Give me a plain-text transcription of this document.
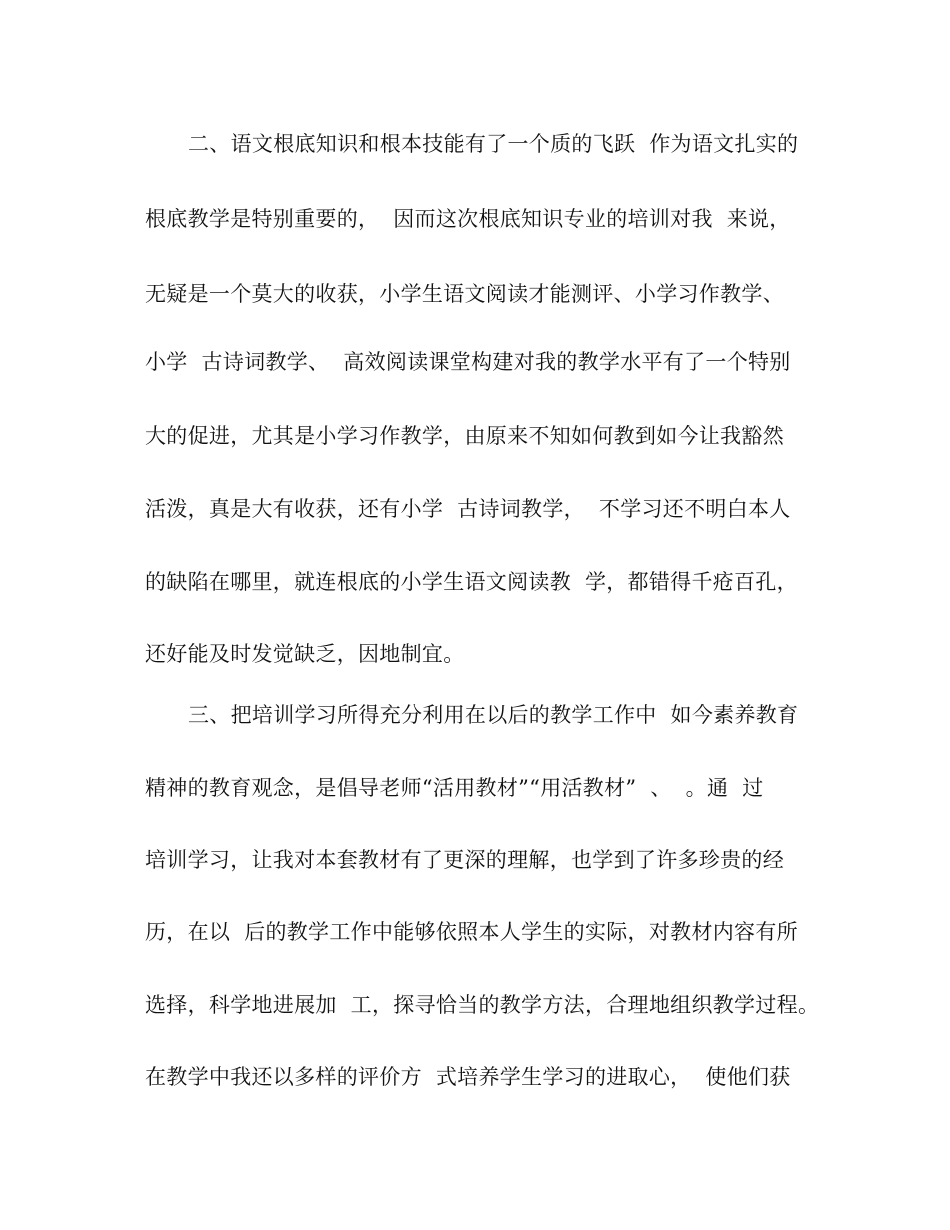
二、语文根底知识和根本技能有了一个质的飞跃  作为语文扎实的
根底教学是特别重要的，  因而这次根底知识专业的培训对我  来说，
无疑是一个莫大的收获，小学生语文阅读才能测评、小学习作教学、
小学  古诗词教学、  高效阅读课堂构建对我的教学水平有了一个特别
大的促进，尤其是小学习作教学，由原来不知如何教到如今让我豁然
活泼，真是大有收获，还有小学  古诗词教学，  不学习还不明白本人
的缺陷在哪里，就连根底的小学生语文阅读教  学，都错得千疮百孔，
还好能及时发觉缺乏，因地制宜。
三、把培训学习所得充分利用在以后的教学工作中  如今素养教育
精神的教育观念，是倡导老师“活用教材”“用活教材”  、  。通  过
培训学习，让我对本套教材有了更深的理解，也学到了许多珍贵的经
历，在以  后的教学工作中能够依照本人学生的实际，对教材内容有所
选择，科学地进展加  工，探寻恰当的教学方法，合理地组织教学过程。
在教学中我还以多样的评价方  式培养学生学习的进取心，  使他们获
